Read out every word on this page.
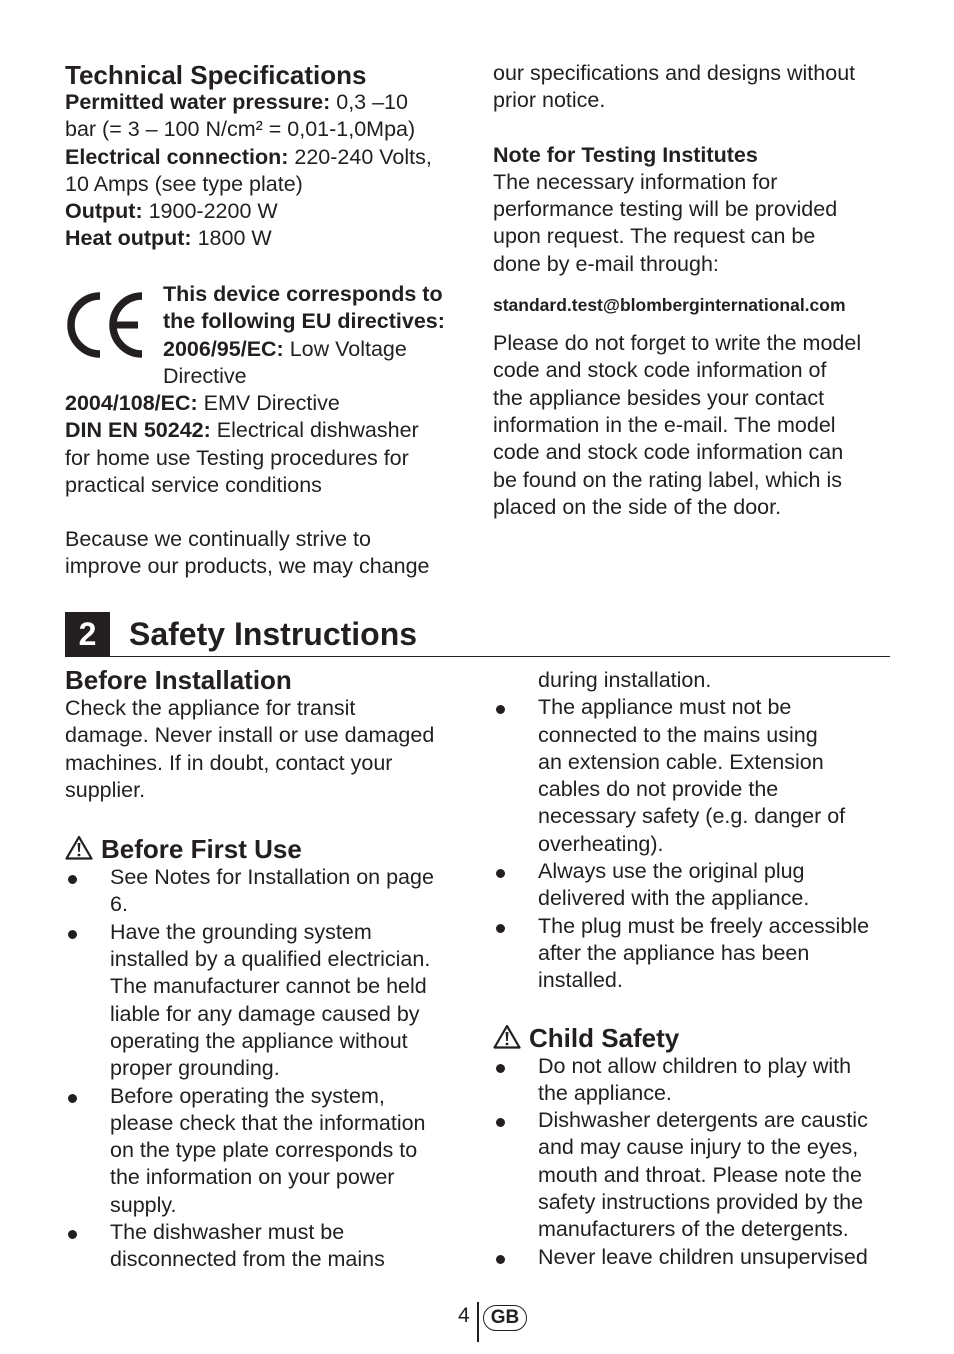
Technical Specifications

Permitted water pressure: 0,3 –10

bar (= 3 – 100 N/cm² = 0,01-1,0Mpa)

Electrical connection: 220-240 Volts,

10 Amps (see type plate)

Output: 1900-2200 W

Heat output: 1800 W

This device corresponds to

the following EU directives:

2006/95/EC: Low Voltage

Directive

2004/108/EC: EMV Directive

DIN EN 50242: Electrical dishwasher

for home use Testing procedures for

practical service conditions

Because we continually strive to

improve our products, we may change

our specifications and designs without

prior notice.

Note for Testing Institutes

The necessary information for

performance testing will be provided

upon request. The request can be

done by e-mail through:

standard.test@blomberginternational.com

Please do not forget to write the model

code and stock code information of

the appliance besides your contact

information in the e-mail. The model

code and stock code information can

be found on the rating label, which is

placed on the side of the door.

2	Safety Instructions

Before Installation

Check the appliance for transit

damage. Never install or use damaged

machines. If in doubt, contact your

supplier.

Before First Use

See Notes for Installation on page
6.
Have the grounding system
installed by a qualified electrician.
The manufacturer cannot be held
liable for any damage caused by
operating the appliance without
proper grounding.
Before operating the system,
please check that the information
on the type plate corresponds to
the information on your power
supply.
The dishwasher must be
disconnected from the mains

during installation.

The appliance must not be
connected to the mains using
an extension cable. Extension
cables do not provide the
necessary safety (e.g. danger of
overheating).
Always use the original plug
delivered with the appliance.
The plug must be freely accessible
after the appliance has been
installed.

Child Safety

Do not allow children to play with
the appliance.
Dishwasher detergents are caustic
and may cause injury to the eyes,
mouth and throat. Please note the
safety instructions provided by the
manufacturers of the detergents.
Never leave children unsupervised
4	GB
